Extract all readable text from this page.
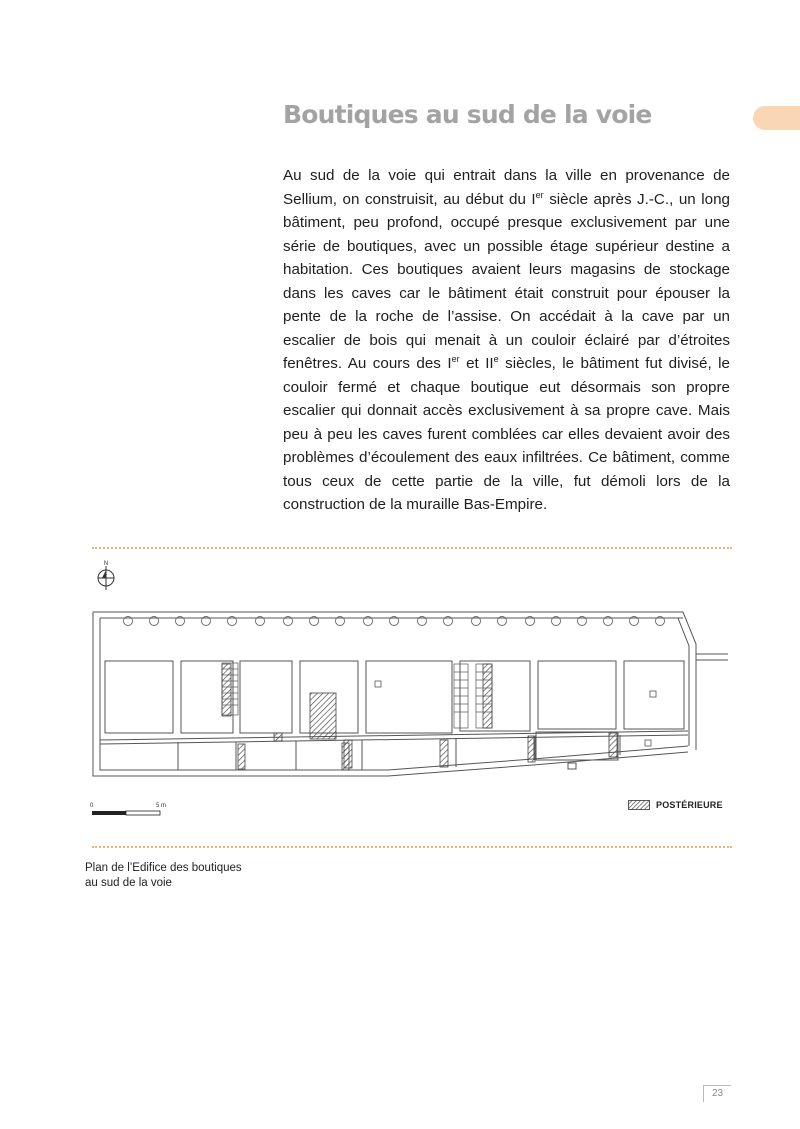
Boutiques au sud de la voie

Au sud de la voie qui entrait dans la ville en provenance de Sellium, on construisit, au début du Ier siècle après J.-C., un long bâtiment, peu profond, occupé presque exclusivement par une série de boutiques, avec un possible étage supérieur destine a habitation. Ces boutiques avaient leurs magasins de stockage dans les caves car le bâtiment était construit pour épouser la pente de la roche de l’assise. On accédait à la cave par un escalier de bois qui menait à un couloir éclairé par d’étroites fenêtres. Au cours des Ier et IIe siècles, le bâtiment fut divisé, le couloir fermé et chaque boutique eut désormais son propre escalier qui donnait accès exclusivement à sa propre cave. Mais peu à peu les caves furent comblées car elles devaient avoir des problèmes d’écoulement des eaux infiltrées. Ce bâtiment, comme tous ceux de cette partie de la ville, fut démoli lors de la construction de la muraille Bas-Empire.

N
0	5 m	POSTÉRIEURE
Plan de l’Edifice des boutiques
au sud de la voie
23
